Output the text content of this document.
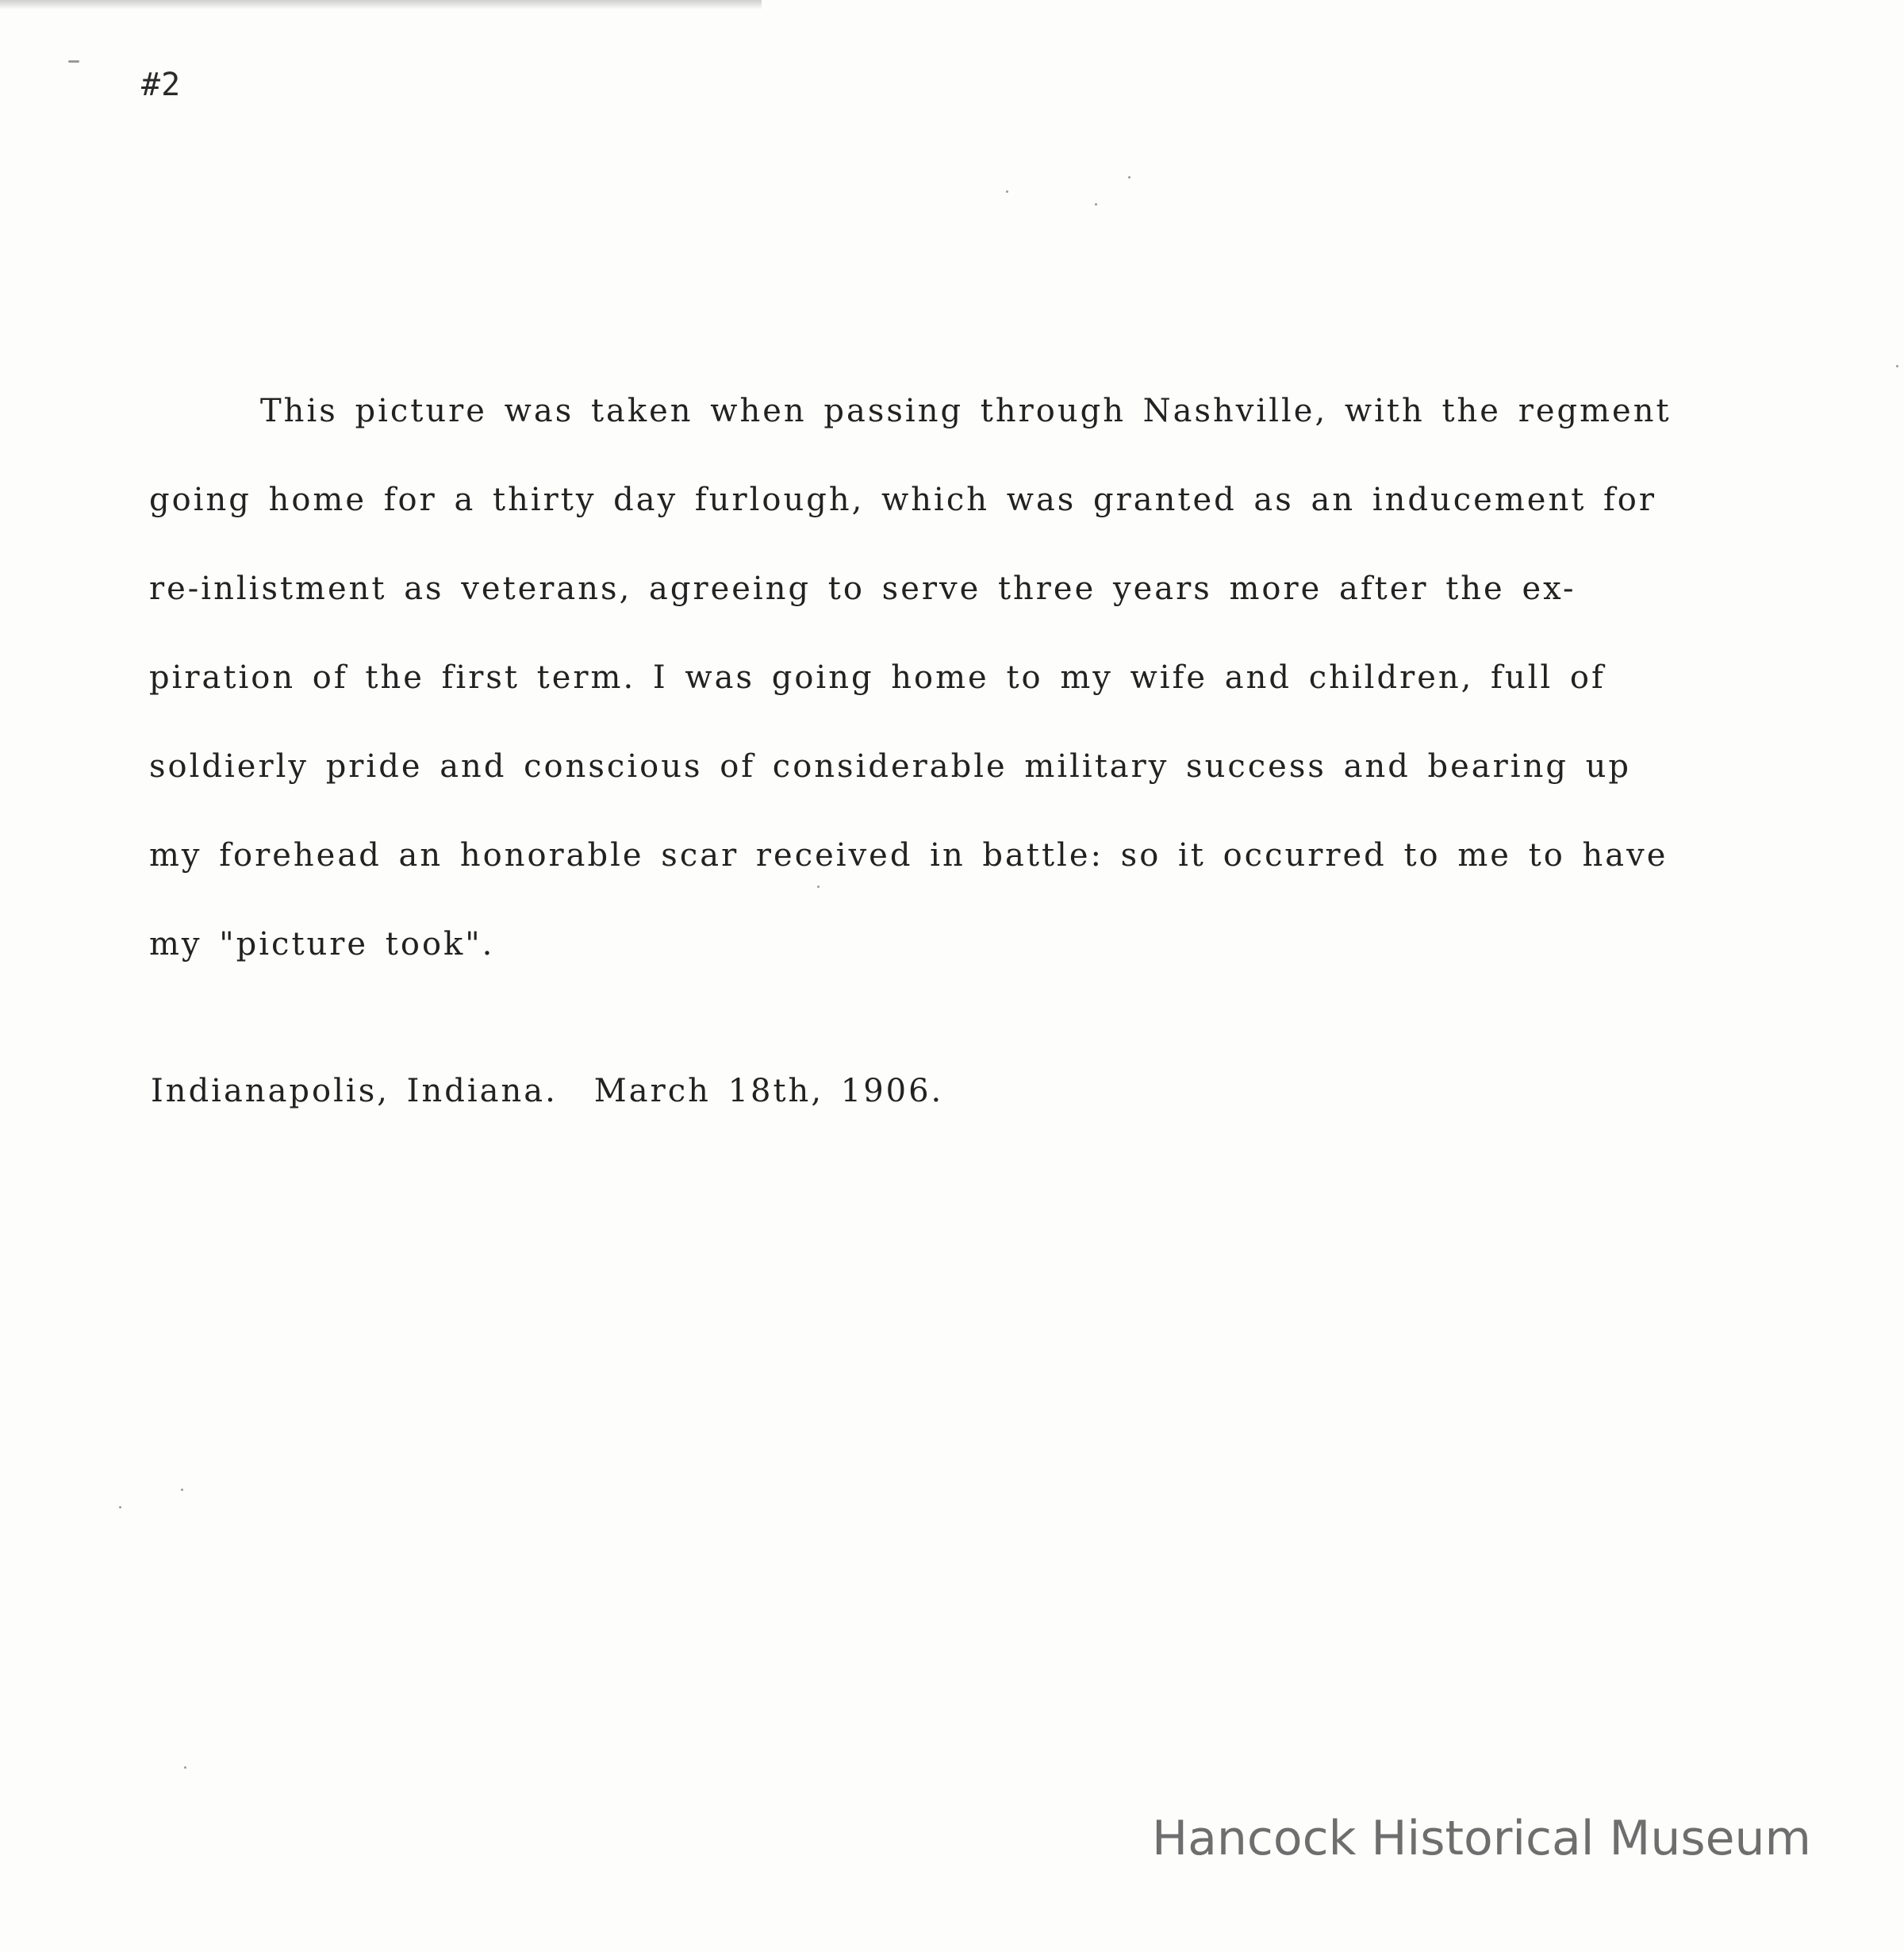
#2
This picture was taken when passing through Nashville, with the regment
going home for a thirty day furlough, which was granted as an inducement for
re-inlistment as veterans, agreeing to serve three years more after the ex-
piration of the first term. I was going home to my wife and children, full of
soldierly pride and conscious of considerable military success and bearing up
my forehead an honorable scar received in battle: so it occurred to me to have
my "picture took".
Indianapolis, Indiana. March 18th, 1906.
Hancock Historical Museum
